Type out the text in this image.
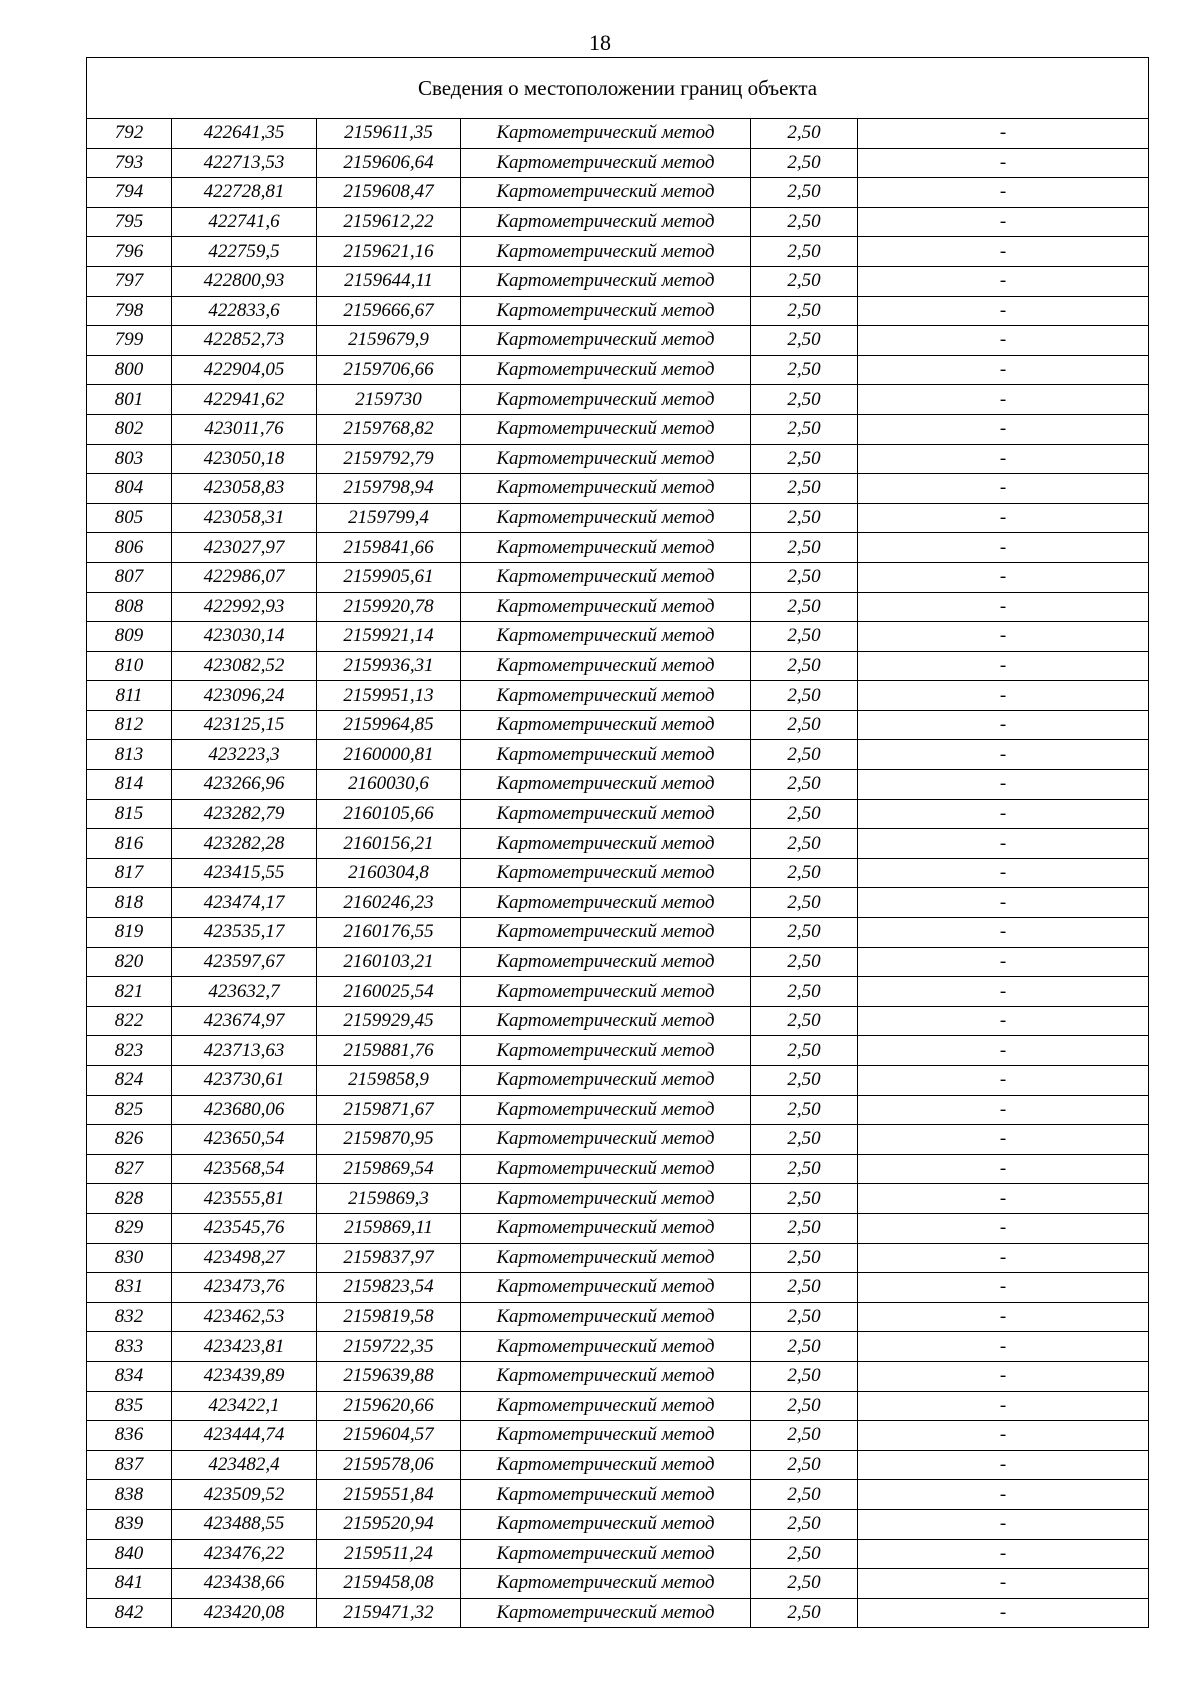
18
Сведения о местоположении границ объекта					
792	422641,35	2159611,35	Картометрический метод	2,50	-
793	422713,53	2159606,64	Картометрический метод	2,50	-
794	422728,81	2159608,47	Картометрический метод	2,50	-
795	422741,6	2159612,22	Картометрический метод	2,50	-
796	422759,5	2159621,16	Картометрический метод	2,50	-
797	422800,93	2159644,11	Картометрический метод	2,50	-
798	422833,6	2159666,67	Картометрический метод	2,50	-
799	422852,73	2159679,9	Картометрический метод	2,50	-
800	422904,05	2159706,66	Картометрический метод	2,50	-
801	422941,62	2159730	Картометрический метод	2,50	-
802	423011,76	2159768,82	Картометрический метод	2,50	-
803	423050,18	2159792,79	Картометрический метод	2,50	-
804	423058,83	2159798,94	Картометрический метод	2,50	-
805	423058,31	2159799,4	Картометрический метод	2,50	-
806	423027,97	2159841,66	Картометрический метод	2,50	-
807	422986,07	2159905,61	Картометрический метод	2,50	-
808	422992,93	2159920,78	Картометрический метод	2,50	-
809	423030,14	2159921,14	Картометрический метод	2,50	-
810	423082,52	2159936,31	Картометрический метод	2,50	-
811	423096,24	2159951,13	Картометрический метод	2,50	-
812	423125,15	2159964,85	Картометрический метод	2,50	-
813	423223,3	2160000,81	Картометрический метод	2,50	-
814	423266,96	2160030,6	Картометрический метод	2,50	-
815	423282,79	2160105,66	Картометрический метод	2,50	-
816	423282,28	2160156,21	Картометрический метод	2,50	-
817	423415,55	2160304,8	Картометрический метод	2,50	-
818	423474,17	2160246,23	Картометрический метод	2,50	-
819	423535,17	2160176,55	Картометрический метод	2,50	-
820	423597,67	2160103,21	Картометрический метод	2,50	-
821	423632,7	2160025,54	Картометрический метод	2,50	-
822	423674,97	2159929,45	Картометрический метод	2,50	-
823	423713,63	2159881,76	Картометрический метод	2,50	-
824	423730,61	2159858,9	Картометрический метод	2,50	-
825	423680,06	2159871,67	Картометрический метод	2,50	-
826	423650,54	2159870,95	Картометрический метод	2,50	-
827	423568,54	2159869,54	Картометрический метод	2,50	-
828	423555,81	2159869,3	Картометрический метод	2,50	-
829	423545,76	2159869,11	Картометрический метод	2,50	-
830	423498,27	2159837,97	Картометрический метод	2,50	-
831	423473,76	2159823,54	Картометрический метод	2,50	-
832	423462,53	2159819,58	Картометрический метод	2,50	-
833	423423,81	2159722,35	Картометрический метод	2,50	-
834	423439,89	2159639,88	Картометрический метод	2,50	-
835	423422,1	2159620,66	Картометрический метод	2,50	-
836	423444,74	2159604,57	Картометрический метод	2,50	-
837	423482,4	2159578,06	Картометрический метод	2,50	-
838	423509,52	2159551,84	Картометрический метод	2,50	-
839	423488,55	2159520,94	Картометрический метод	2,50	-
840	423476,22	2159511,24	Картометрический метод	2,50	-
841	423438,66	2159458,08	Картометрический метод	2,50	-
842	423420,08	2159471,32	Картометрический метод	2,50	-
